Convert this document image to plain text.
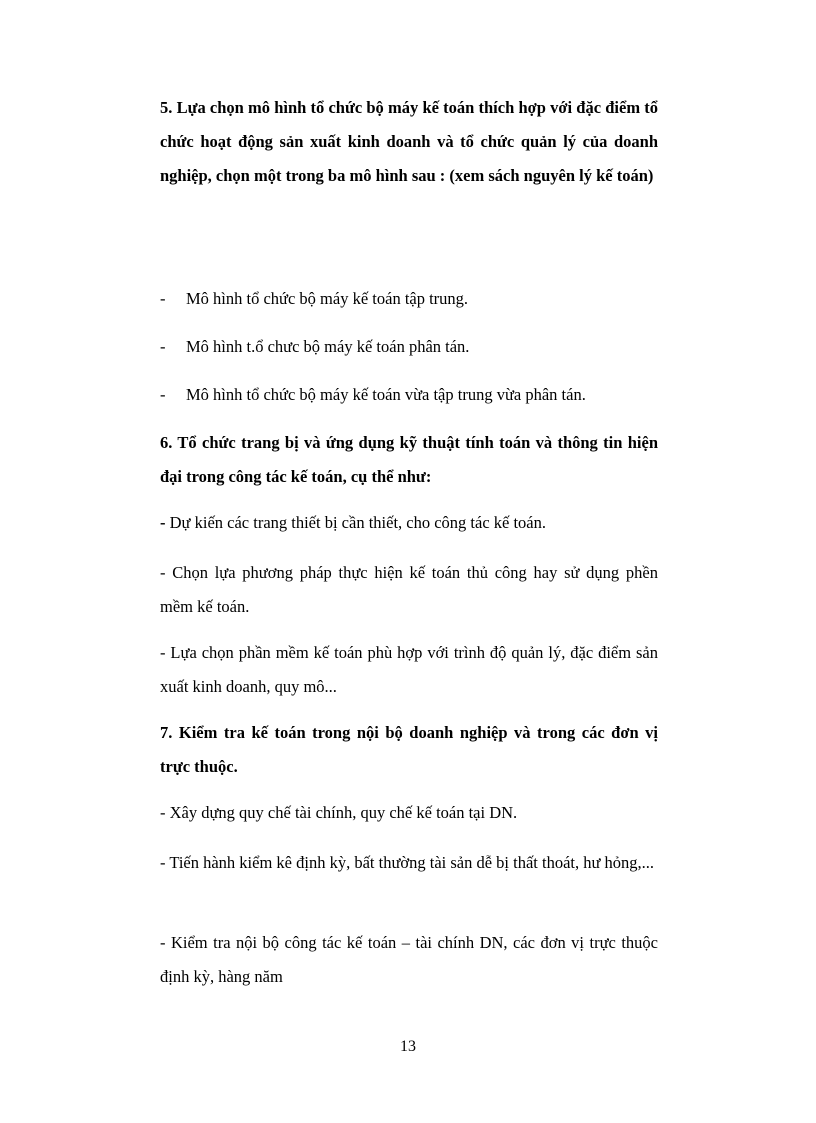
5. Lựa chọn mô hình tổ chức bộ máy kế toán thích hợp với đặc điểm tổ chức hoạt động sản xuất kinh doanh và tổ chức quản lý của doanh nghiệp, chọn một trong ba mô hình sau : (xem sách nguyên lý kế toán)

- Mô hình tổ chức bộ máy kế toán tập trung.
- Mô hình t.ổ chưc bộ máy kế toán phân tán.
- Mô hình tổ chức bộ máy kế toán vừa tập trung vừa phân tán.

6. Tổ chức trang bị và ứng dụng kỹ thuật tính toán và thông tin hiện đại trong công tác kế toán, cụ thể như:

- Dự kiến các trang thiết bị cần thiết, cho công tác kế toán.

- Chọn lựa phương pháp thực hiện kế toán thủ công hay sử dụng phền mềm kế toán.

- Lựa chọn phần mềm kế toán phù hợp với trình độ quản lý, đặc điểm sản xuất kinh doanh, quy mô...

7. Kiểm tra kế toán trong nội bộ doanh nghiệp và trong các đơn vị trực thuộc.

- Xây dựng quy chế tài chính, quy chế kế toán tại DN.

- Tiến hành kiểm kê định kỳ, bất thường tài sản dễ bị thất thoát, hư hỏng,...

- Kiểm tra nội bộ công tác kế toán – tài chính DN, các đơn vị trực thuộc định kỳ, hàng năm

13
